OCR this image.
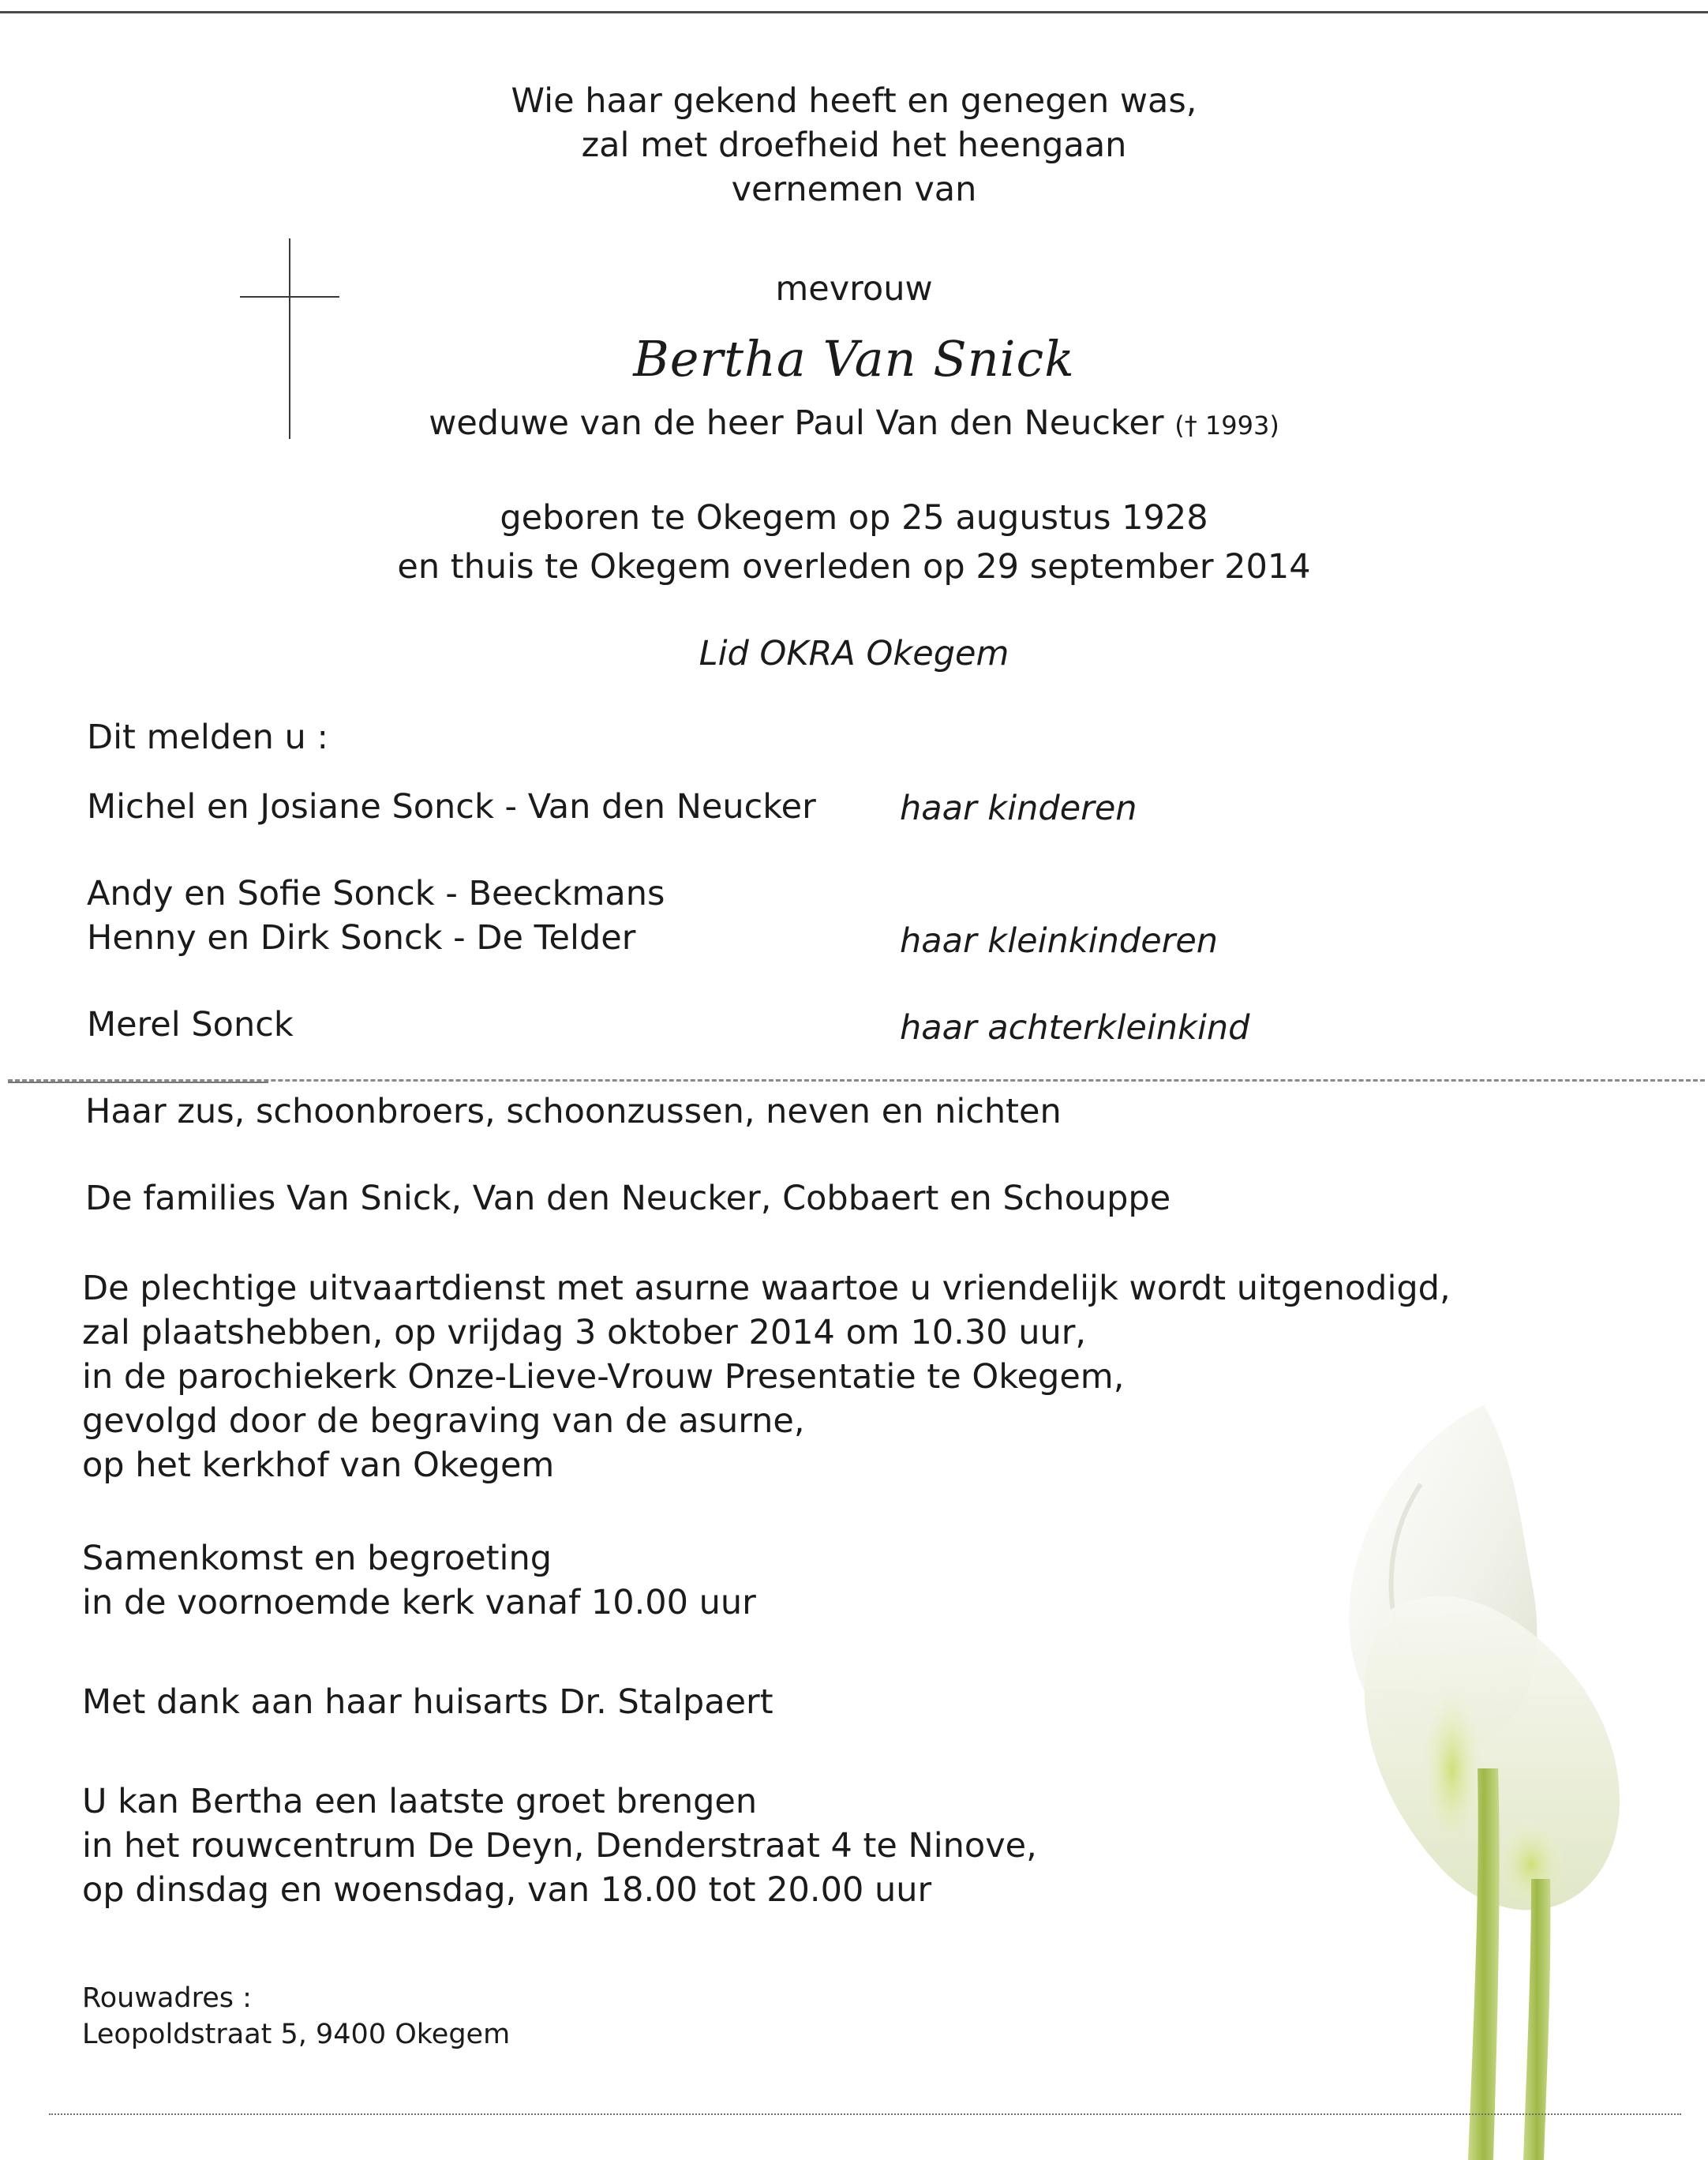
Wie haar gekend heeft en genegen was,
zal met droefheid het heengaan
vernemen van
mevrouw
Bertha Van Snick
weduwe van de heer Paul Van den Neucker († 1993)
geboren te Okegem op 25 augustus 1928
en thuis te Okegem overleden op 29 september 2014
Lid OKRA Okegem
Dit melden u :
Michel en Josiane Sonck - Van den Neucker haar kinderen
Andy en Sofie Sonck - Beeckmans
Henny en Dirk Sonck - De Telder	haar kleinkinderen
Merel Sonck	haar achterkleinkind
Haar zus, schoonbroers, schoonzussen, neven en nichten
De families Van Snick, Van den Neucker, Cobbaert en Schouppe
De plechtige uitvaartdienst met asurne waartoe u vriendelijk wordt uitgenodigd,
zal plaatshebben, op vrijdag 3 oktober 2014 om 10.30 uur,
in de parochiekerk Onze-Lieve-Vrouw Presentatie te Okegem,
gevolgd door de begraving van de asurne,
op het kerkhof van Okegem
Samenkomst en begroeting
in de voornoemde kerk vanaf 10.00 uur
Met dank aan haar huisarts Dr. Stalpaert
U kan Bertha een laatste groet brengen
in het rouwcentrum De Deyn, Denderstraat 4 te Ninove,
op dinsdag en woensdag, van 18.00 tot 20.00 uur
Rouwadres :
Leopoldstraat 5, 9400 Okegem
